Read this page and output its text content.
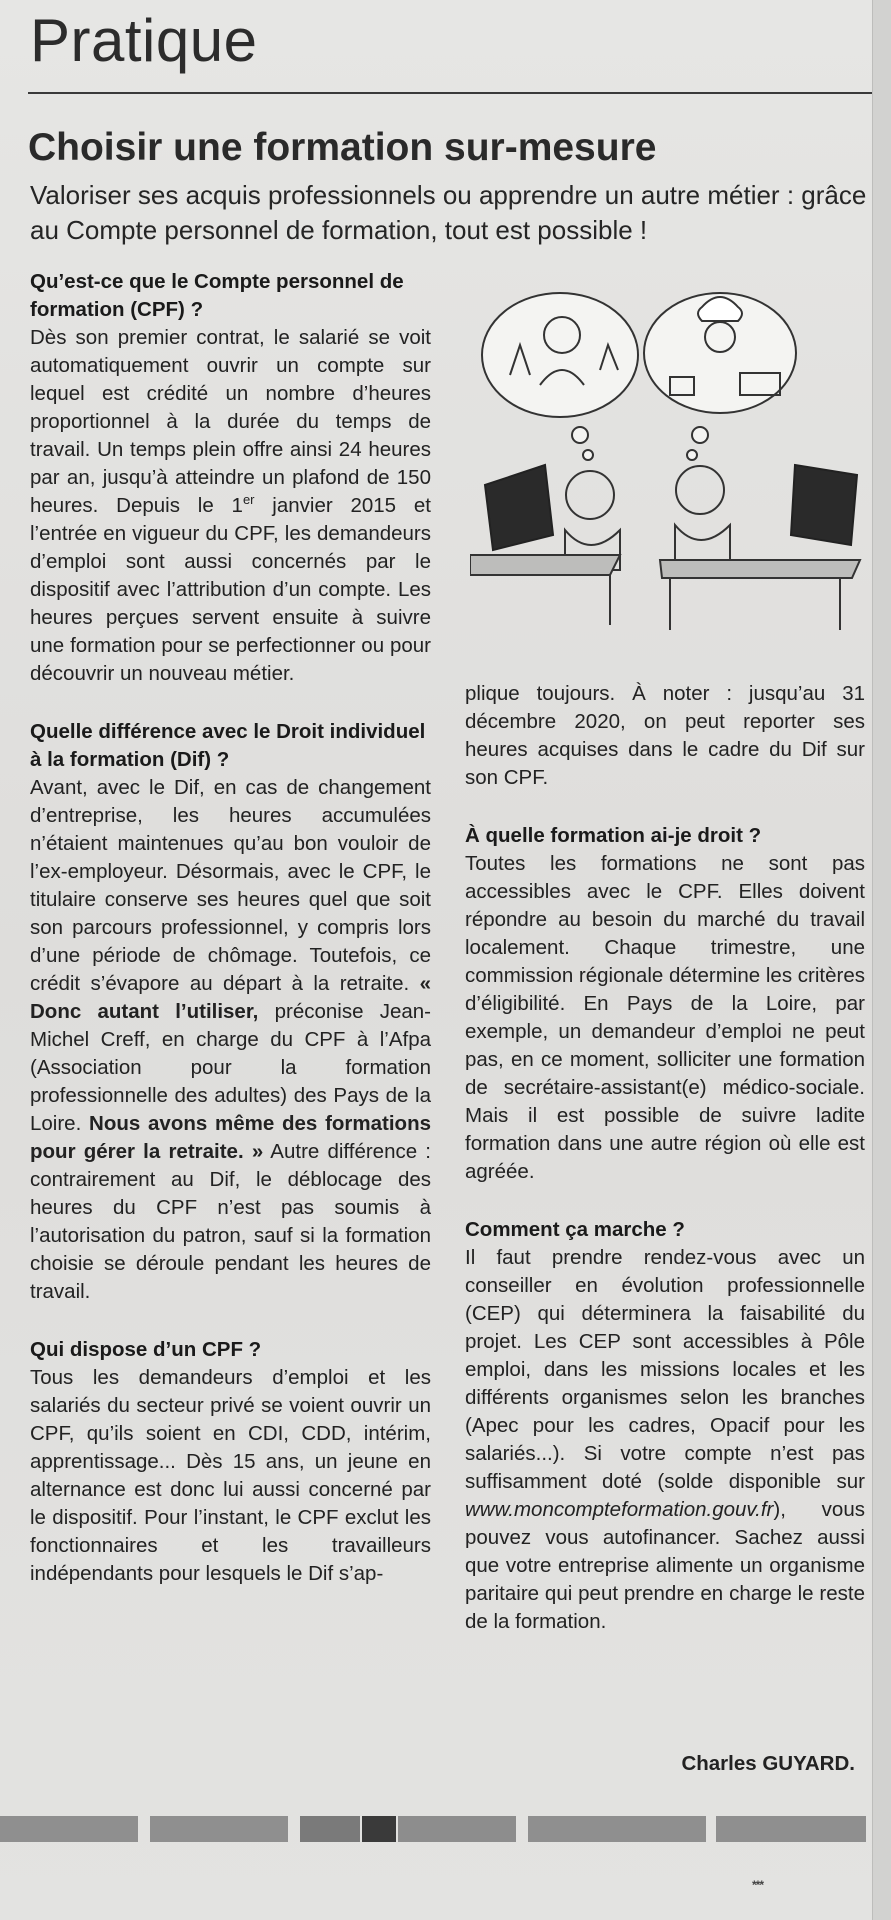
Pratique
Choisir une formation sur-mesure

Valoriser ses acquis professionnels ou apprendre un autre métier : grâce au Compte personnel de formation, tout est possible !

Qu’est-ce que le Compte personnel de formation (CPF) ?

Dès son premier contrat, le salarié se voit automatiquement ouvrir un compte sur lequel est crédité un nombre d’heures proportionnel à la durée du temps de travail. Un temps plein offre ainsi 24 heures par an, jusqu’à atteindre un plafond de 150 heures. Depuis le 1er janvier 2015 et l’entrée en vigueur du CPF, les demandeurs d’emploi sont aussi concernés par le dispositif avec l’attribution d’un compte. Les heures perçues servent ensuite à suivre une formation pour se perfectionner ou pour découvrir un nouveau métier.

Quelle différence avec le Droit individuel à la formation (Dif) ?

Avant, avec le Dif, en cas de changement d’entreprise, les heures accumulées n’étaient maintenues qu’au bon vouloir de l’ex-employeur. Désormais, avec le CPF, le titulaire conserve ses heures quel que soit son parcours professionnel, y compris lors d’une période de chômage. Toutefois, ce crédit s’évapore au départ à la retraite. « Donc autant l’utiliser, préconise Jean-Michel Creff, en charge du CPF à l’Afpa (Association pour la formation professionnelle des adultes) des Pays de la Loire. Nous avons même des formations pour gérer la retraite. » Autre différence : contrairement au Dif, le déblocage des heures du CPF n’est pas soumis à l’autorisation du patron, sauf si la formation choisie se déroule pendant les heures de travail.

Qui dispose d’un CPF ?

Tous les demandeurs d’emploi et les salariés du secteur privé se voient ouvrir un CPF, qu’ils soient en CDI, CDD, intérim, apprentissage... Dès 15 ans, un jeune en alternance est donc lui aussi concerné par le dispositif. Pour l’instant, le CPF exclut les fonctionnaires et les travailleurs indépendants pour lesquels le Dif s’ap-

plique toujours. À noter : jusqu’au 31 décembre 2020, on peut reporter ses heures acquises dans le cadre du Dif sur son CPF.

À quelle formation ai-je droit ?

Toutes les formations ne sont pas accessibles avec le CPF. Elles doivent répondre au besoin du marché du travail localement. Chaque trimestre, une commission régionale détermine les critères d’éligibilité. En Pays de la Loire, par exemple, un demandeur d’emploi ne peut pas, en ce moment, solliciter une formation de secrétaire-assistant(e) médico-sociale. Mais il est possible de suivre ladite formation dans une autre région où elle est agréée.

Comment ça marche ?

Il faut prendre rendez-vous avec un conseiller en évolution professionnelle (CEP) qui déterminera la faisabilité du projet. Les CEP sont accessibles à Pôle emploi, dans les missions locales et les différents organismes selon les branches (Apec pour les cadres, Opacif pour les salariés...). Si votre compte n’est pas suffisamment doté (solde disponible sur www.moncompteformation.gouv.fr), vous pouvez vous autofinancer. Sachez aussi que votre entreprise alimente un organisme paritaire qui peut prendre en charge le reste de la formation.

Charles GUYARD.
***
